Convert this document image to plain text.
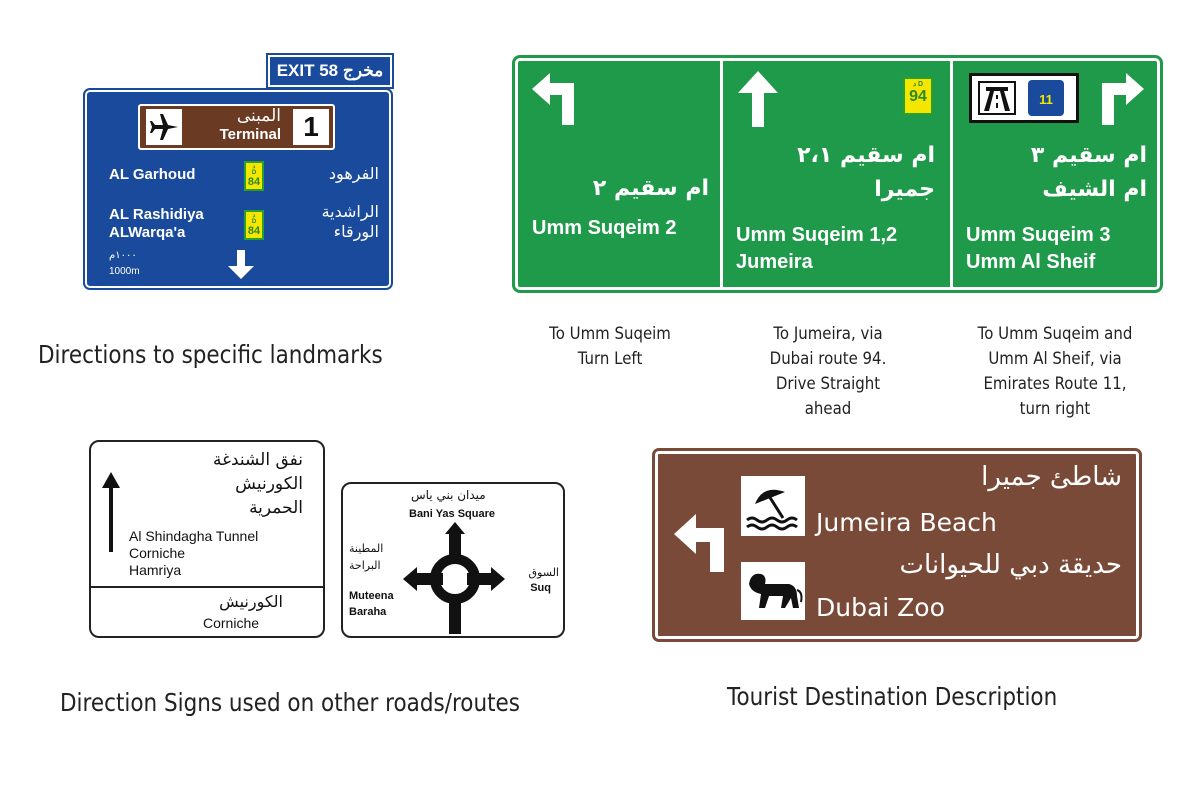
EXIT 58 مخرج
المبنى
Terminal 1
AL Garhoud	د
D
84	الفرهود
AL Rashidiya
ALWarqa'a
د
D
84
الراشدية
الورقاء
١٠٠٠م
1000m
ام سقيم ٢
Umm Suqeim 2
د D
94
ام سقيم ٢،١
جميرا
Umm Suqeim 1,2
Jumeira
11
ام سقيم ٣
ام الشيف
Umm Suqeim 3
Umm Al Sheif
To Umm Suqeim
Turn Left
To Jumeira, via
Dubai route 94.
Drive Straight
ahead
To Umm Suqeim and
Umm Al Sheif, via
Emirates Route 11,
turn right
Directions to specific landmarks
Direction Signs used on other roads/routes	Tourist Destination Description
نفق الشندغة
الكورنيش
الحمرية
Al Shindagha Tunnel
Corniche
Hamriya
الكورنيش
Corniche
ميدان بني ياس
Bani Yas Square
المطينة
البراحة
Muteena
Baraha
السوق
Suq
شاطئ جميرا
Jumeira Beach
حديقة دبي للحيوانات
Dubai Zoo
